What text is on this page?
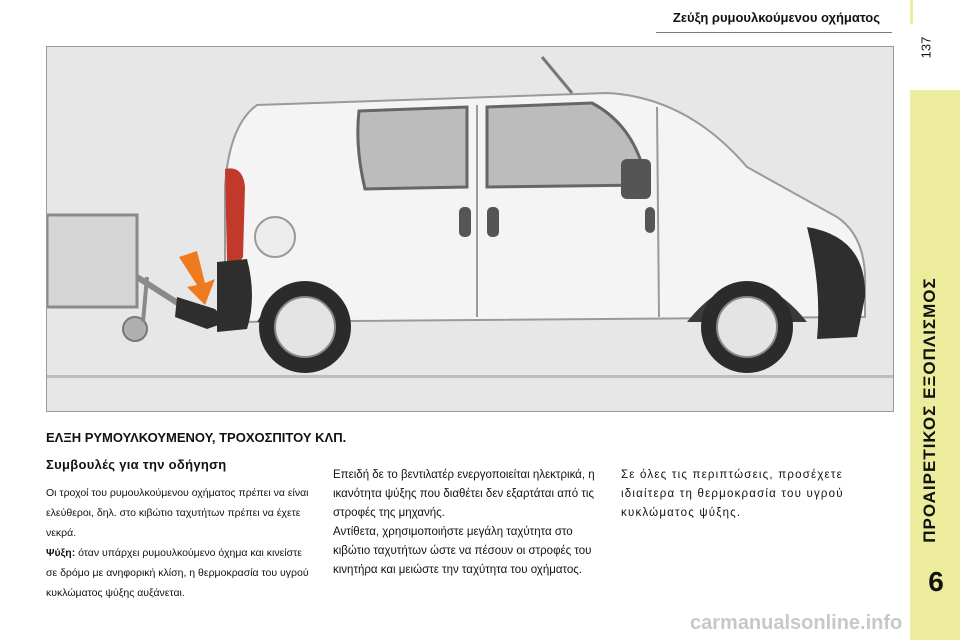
Ζεύξη ρυμουλκούμενου οχήματος
137
ΠΡΟΑΙΡΕΤΙΚΟΣ ΕΞΟΠΛΙΣΜΟΣ
6
ΕΛΞΗ ΡΥΜΟΥΛΚΟΥΜΕΝΟΥ, ΤΡΟΧΟΣΠΙΤΟΥ ΚΛΠ.
Συμβουλές για την οδήγηση

Οι τροχοί του ρυμουλκούμενου οχήματος πρέπει να είναι ελεύθεροι, δηλ. στο κιβώτιο ταχυτήτων πρέπει να έχετε νεκρά.

Ψύξη: όταν υπάρχει ρυμουλκούμενο όχημα και κινείστε σε δρόμο με ανηφορική κλίση, η θερμοκρασία του υγρού κυκλώματος ψύξης αυξάνεται.

Επειδή δε το βεντιλατέρ ενεργοποιείται ηλεκτρικά, η ικανότητα ψύξης που διαθέτει δεν εξαρτάται από τις στροφές της μηχανής.

Αντίθετα, χρησιμοποιήστε μεγάλη ταχύτητα στο κιβώτιο ταχυτήτων ώστε να πέσουν οι στροφές του κινητήρα και μειώστε την ταχύτητα του οχήματος.

Σε όλες τις περιπτώσεις, προσέχετε ιδιαίτερα τη θερμοκρασία του υγρού κυκλώματος ψύξης.

carmanualsonline.info
